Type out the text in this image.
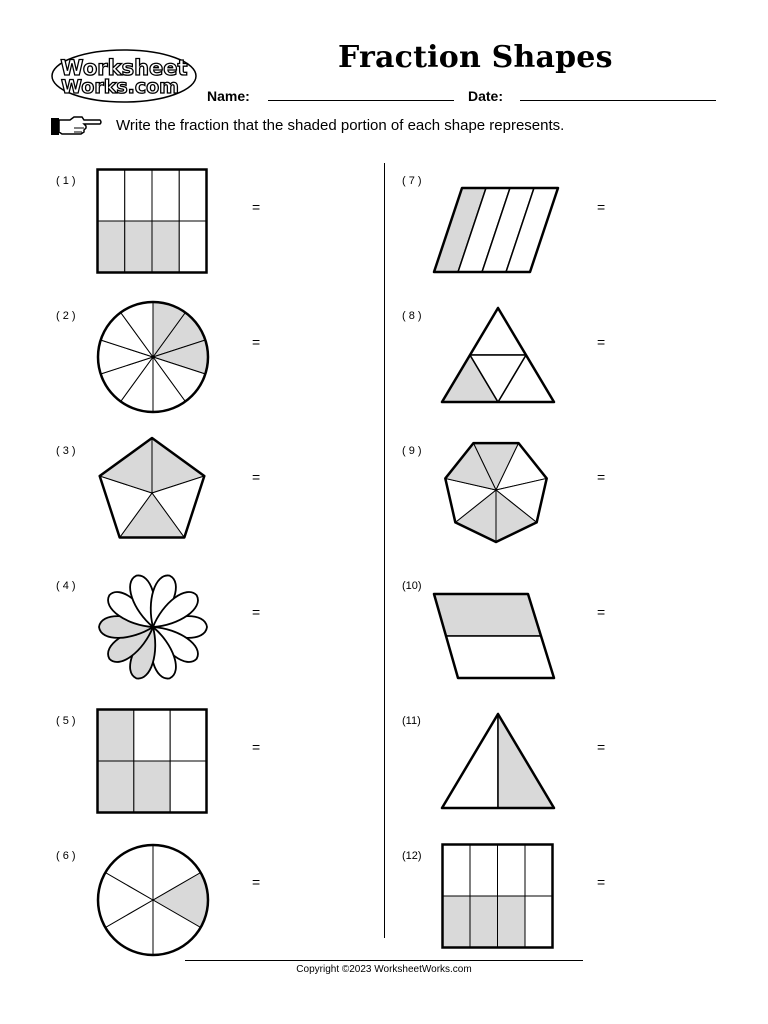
Worksheet
Works.com
Fraction Shapes
Name:	Date:
Write the fraction that the shaded portion of each shape represents.
( 1 )
( 2 )
( 3 )
( 4 )
( 5 )
( 6 )
( 7 )
( 8 )
( 9 )
(10)
(11)
(12)
=
=
=
=
=
=
=
=
=
=
=
=
Copyright ©2023 WorksheetWorks.com
